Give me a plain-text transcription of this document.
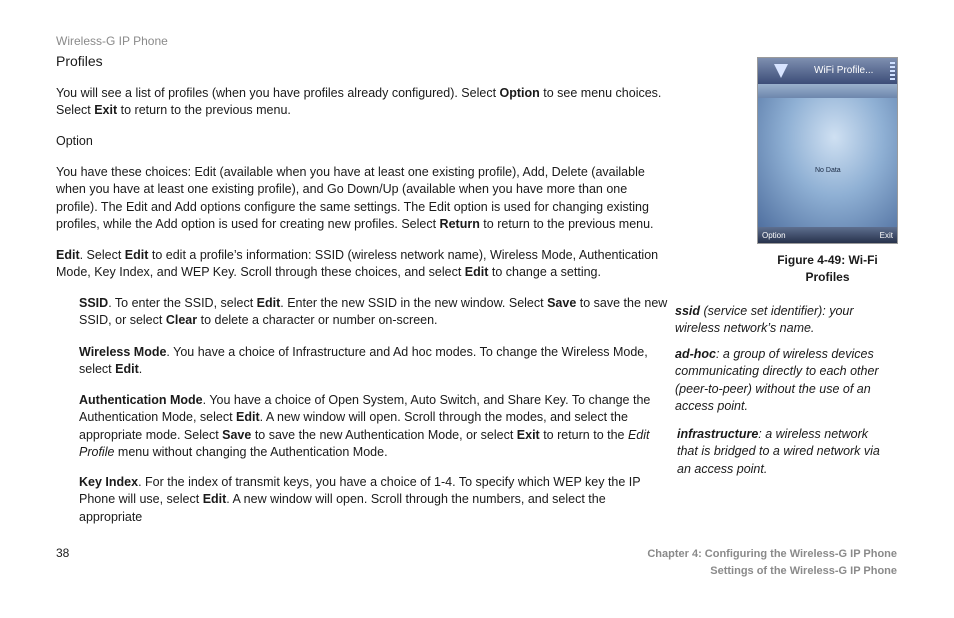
Wireless-G IP Phone
Profiles
You will see a list of profiles (when you have profiles already configured). Select Option to see menu choices. Select Exit to return to the previous menu.
Option
You have these choices: Edit (available when you have at least one existing profile), Add, Delete (available when you have at least one existing profile), and Go Down/Up (available when you have more than one profile). The Edit and Add options configure the same settings. The Edit option is used for changing existing profiles, while the Add option is used for creating new profiles. Select Return to return to the previous menu.
Edit. Select Edit to edit a profile’s information: SSID (wireless network name), Wireless Mode, Authentication Mode, Key Index, and WEP Key. Scroll through these choices, and select Edit to change a setting.
SSID. To enter the SSID, select Edit. Enter the new SSID in the new window. Select Save to save the new SSID, or select Clear to delete a character or number on-screen.
Wireless Mode. You have a choice of Infrastructure and Ad hoc modes. To change the Wireless Mode, select Edit.
Authentication Mode. You have a choice of Open System, Auto Switch, and Share Key. To change the Authentication Mode, select Edit. A new window will open. Scroll through the modes, and select the appropriate mode. Select Save to save the new Authentication Mode, or select Exit to return to the Edit Profile menu without changing the Authentication Mode.
Key Index. For the index of transmit keys, you have a choice of 1-4. To specify which WEP key the IP Phone will use, select Edit. A new window will open. Scroll through the numbers, and select the appropriate
WiFi Profile...
No Data
Option	Exit
Figure 4-49: Wi-Fi Profiles
ssid (service set identifier): your wireless network’s name.
ad-hoc: a group of wireless devices communicating directly to each other (peer-to-peer) without the use of an access point.
infrastructure: a wireless network that is bridged to a wired network via an access point.
38	Chapter 4: Configuring the Wireless-G IP Phone
Settings of the Wireless-G IP Phone
